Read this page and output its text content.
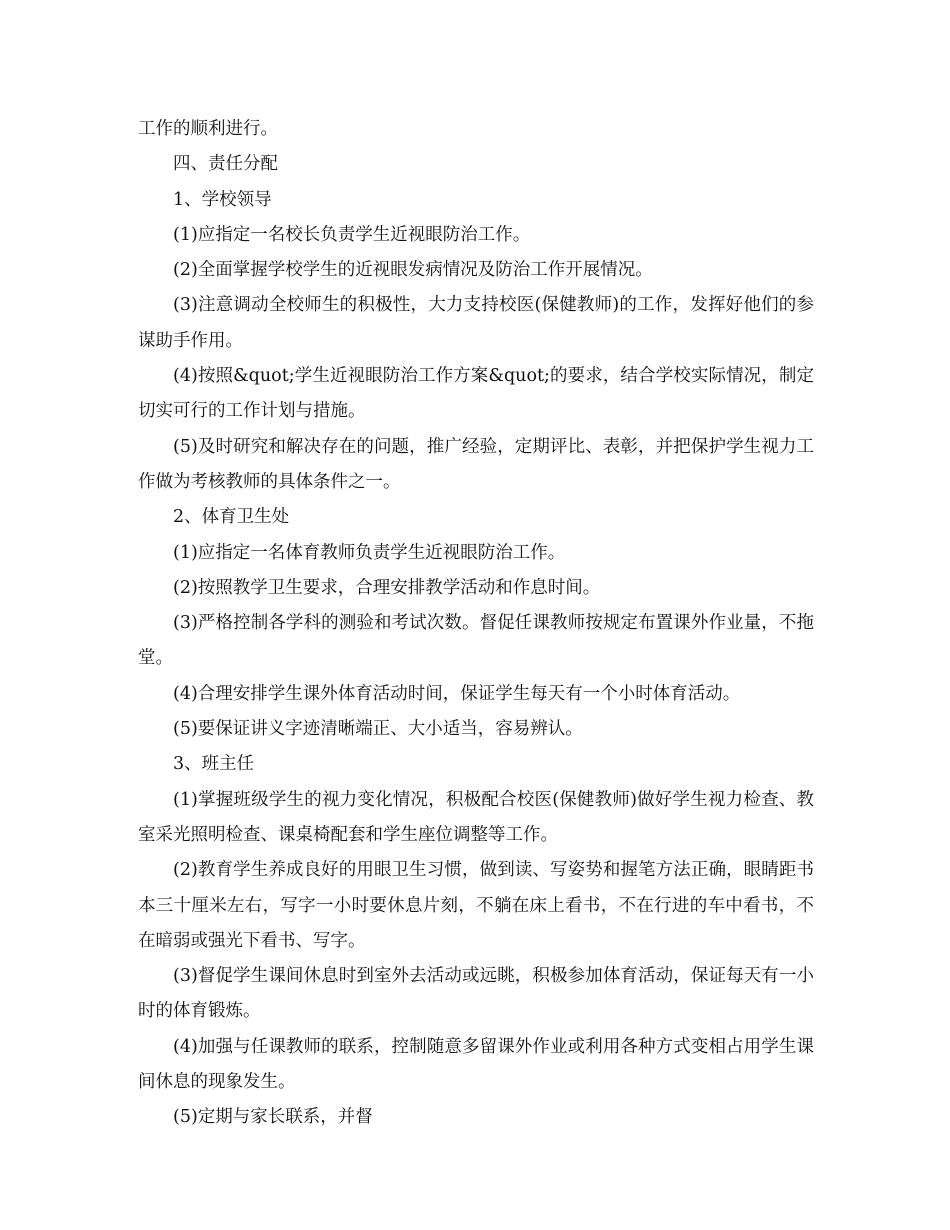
工作的顺利进行。

四、责任分配

1、学校领导

(1)应指定一名校长负责学生近视眼防治工作。

(2)全面掌握学校学生的近视眼发病情况及防治工作开展情况。

(3)注意调动全校师生的积极性，大力支持校医(保健教师)的工作，发挥好他们的参谋助手作用。

(4)按照&quot;学生近视眼防治工作方案&quot;的要求，结合学校实际情况，制定切实可行的工作计划与措施。

(5)及时研究和解决存在的问题，推广经验，定期评比、表彰，并把保护学生视力工作做为考核教师的具体条件之一。

2、体育卫生处

(1)应指定一名体育教师负责学生近视眼防治工作。

(2)按照教学卫生要求，合理安排教学活动和作息时间。

(3)严格控制各学科的测验和考试次数。督促任课教师按规定布置课外作业量，不拖堂。

(4)合理安排学生课外体育活动时间，保证学生每天有一个小时体育活动。

(5)要保证讲义字迹清晰端正、大小适当，容易辨认。

3、班主任

(1)掌握班级学生的视力变化情况，积极配合校医(保健教师)做好学生视力检查、教室采光照明检查、课桌椅配套和学生座位调整等工作。

(2)教育学生养成良好的用眼卫生习惯，做到读、写姿势和握笔方法正确，眼睛距书本三十厘米左右，写字一小时要休息片刻，不躺在床上看书，不在行进的车中看书，不在暗弱或强光下看书、写字。

(3)督促学生课间休息时到室外去活动或远眺，积极参加体育活动，保证每天有一小时的体育锻炼。

(4)加强与任课教师的联系，控制随意多留课外作业或利用各种方式变相占用学生课间休息的现象发生。

(5)定期与家长联系，并督
